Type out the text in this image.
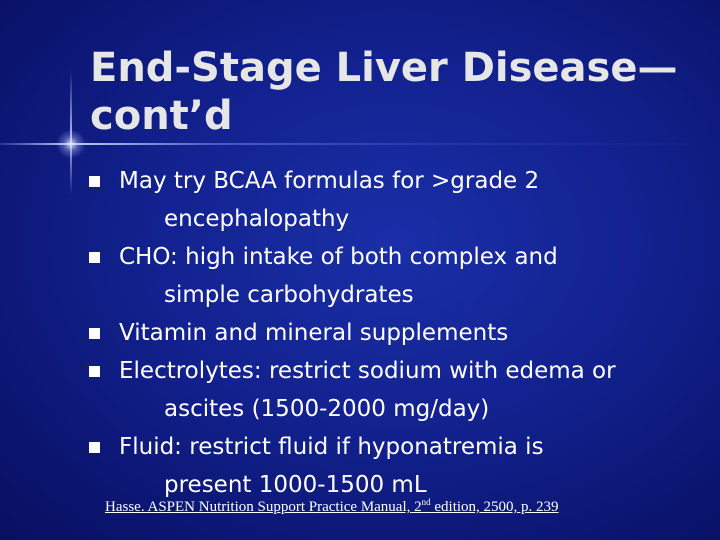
End-Stage Liver Disease—
cont’d
May try BCAA formulas for >grade 2
encephalopathy
CHO: high intake of both complex and
simple carbohydrates
Vitamin and mineral supplements
Electrolytes: restrict sodium with edema or
ascites (1500-2000 mg/day)
Fluid: restrict fluid if hyponatremia is
present 1000-1500 mL

Hasse. ASPEN Nutrition Support Practice Manual, 2nd edition, 2500, p. 239
